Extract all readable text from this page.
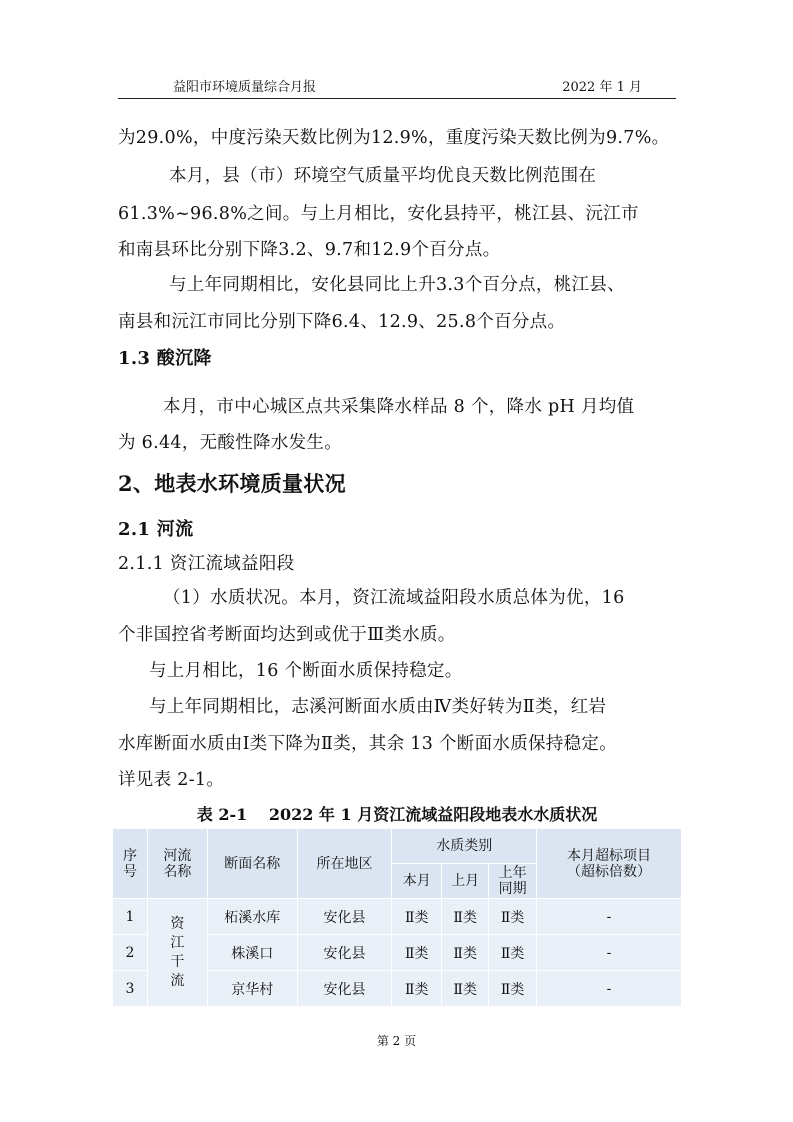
益阳市环境质量综合月报	2022 年 1 月
为29.0%，中度污染天数比例为12.9%，重度污染天数比例为9.7%。
本月，县（市）环境空气质量平均优良天数比例范围在
61.3%~96.8%之间。与上月相比，安化县持平，桃江县、沅江市
和南县环比分别下降3.2、9.7和12.9个百分点。
与上年同期相比，安化县同比上升3.3个百分点，桃江县、
南县和沅江市同比分别下降6.4、12.9、25.8个百分点。
1.3 酸沉降
本月，市中心城区点共采集降水样品 8 个，降水 pH 月均值
为 6.44，无酸性降水发生。
2、地表水环境质量状况
2.1 河流
2.1.1 资江流域益阳段
（1）水质状况。本月，资江流域益阳段水质总体为优，16
个非国控省考断面均达到或优于Ⅲ类水质。
与上月相比，16 个断面水质保持稳定。
与上年同期相比，志溪河断面水质由Ⅳ类好转为Ⅱ类，红岩
水库断面水质由Ⅰ类下降为Ⅱ类，其余 13 个断面水质保持稳定。
详见表 2-1。
表 2-1　 2022 年 1 月资江流域益阳段地表水水质状况
序号	河流名称	断面名称	所在地区	水质类别			本月超标项目（超标倍数）

				本月	上月	上年同期	

1	资江干流	柘溪水库	安化县	Ⅱ类	Ⅱ类	Ⅱ类	-
2		株溪口	安化县	Ⅱ类	Ⅱ类	Ⅱ类	-
3		京华村	安化县	Ⅱ类	Ⅱ类	Ⅱ类	-
第 2 页
